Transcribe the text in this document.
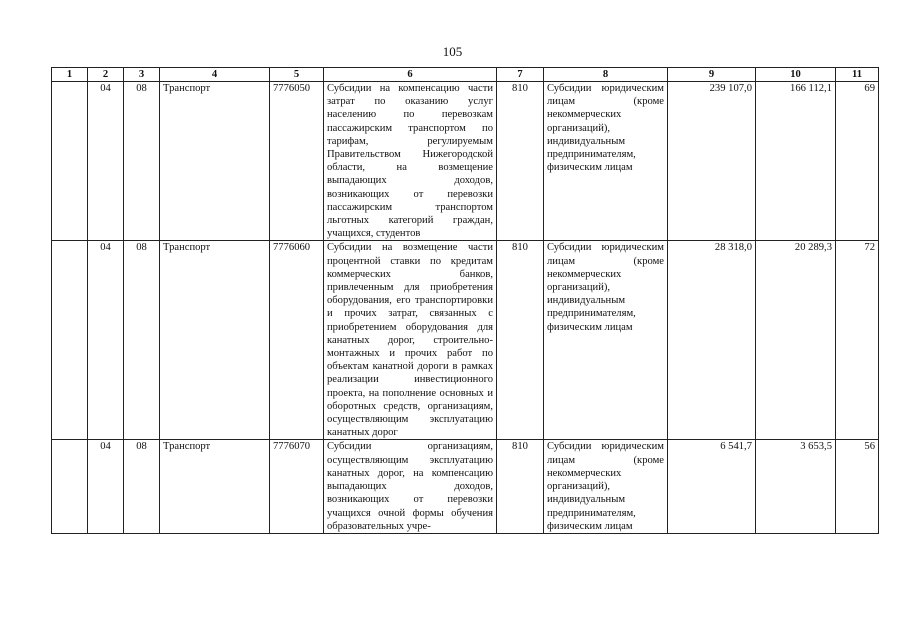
105
1	2	3	4	5	6	7	8	9	10	11
	04	08	Транспорт	7776050	Субсидии на компенсацию части затрат по оказанию услуг населению по перевозкам пассажирским транспортом по тарифам, регулируемым Правительством Нижегородской области, на возмещение выпадающих доходов, возникающих от перевозки пассажирским транспортом льготных категорий граждан, учащихся, студентов	810	Субсидии юридическим лицам (кроме некоммерческих организаций), индивидуальным предпринимателям, физическим лицам	239 107,0	166 112,1	69
	04	08	Транспорт	7776060	Субсидии на возмещение части процентной ставки по кредитам коммерческих банков, привлеченным для приобретения оборудования, его транспортировки и прочих затрат, связанных с приобретением оборудования для канатных дорог, строительно-монтажных и прочих работ по объектам канатной дороги в рамках реализации инвестиционного проекта, на пополнение основных и оборотных средств, организациям, осуществляющим эксплуатацию канатных дорог	810	Субсидии юридическим лицам (кроме некоммерческих организаций), индивидуальным предпринимателям, физическим лицам	28 318,0	20 289,3	72
	04	08	Транспорт	7776070	Субсидии организациям, осуществляющим эксплуатацию канатных дорог, на компенсацию выпадающих доходов, возникающих от перевозки учащихся очной формы обучения образовательных учре-	810	Субсидии юридическим лицам (кроме некоммерческих организаций), индивидуальным предпринимателям, физическим лицам	6 541,7	3 653,5	56
